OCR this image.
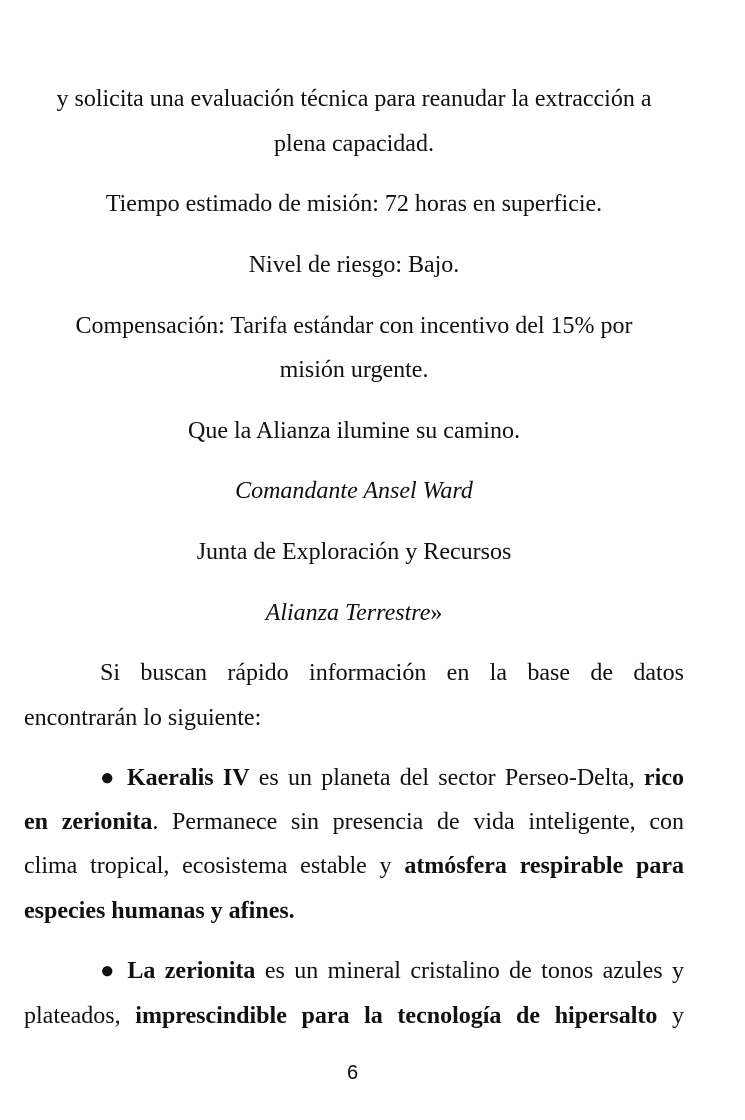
y solicita una evaluación técnica para reanudar la extracción a
plena capacidad.
Tiempo estimado de misión: 72 horas en superficie.
Nivel de riesgo: Bajo.
Compensación: Tarifa estándar con incentivo del 15% por
misión urgente.
Que la Alianza ilumine su camino.
Comandante Ansel Ward
Junta de Exploración y Recursos
Alianza Terrestre»
Si buscan rápido información en la base de datos
encontrarán lo siguiente:
● Kaeralis IV es un planeta del sector Perseo-Delta, rico
en zerionita. Permanece sin presencia de vida inteligente, con
clima tropical, ecosistema estable y atmósfera respirable para
especies humanas y afines.
● La zerionita es un mineral cristalino de tonos azules y
plateados, imprescindible para la tecnología de hipersalto y
6
